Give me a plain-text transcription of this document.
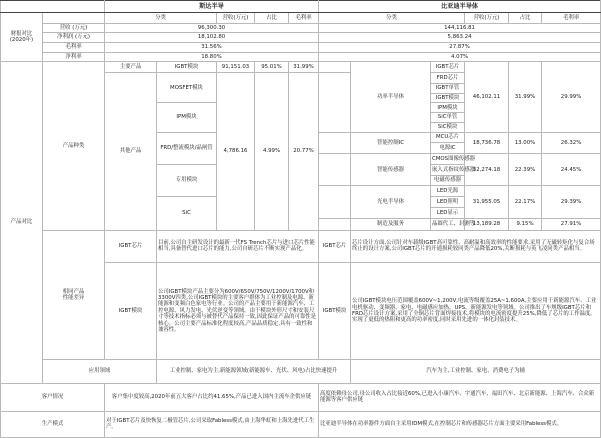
		斯达半导					比亚迪半导体					
财报对比
(2020年)		分类		营收(万元)	占比	毛利率	分类			营收(万元)	占比	毛利率
	营收 (万元)	96,300.30					144,116.81					
	净利润 (万元)	18,102.80					5,863.24					
	毛利率	31.56%					27.87%					
	净利率	18.80%					4.07%					
产品对比	产品种类	主要产品	IGBT模块	91,151.03	95.01%	31.99%		功率半导体	IGBT芯片	46,102.11	31.99%	29.99%
		其他产品	MOSFET模块	4,786.16	4.99%	20.77%			FRD芯片			
									IGBT单管			
									IGBT模块			
			IPM模块						IPM模块			
									SiC单管			
									SiC模块			
			FRD/整流模块/晶闸管					智能控制IC	MCU芯片	18,736.78	13.00%	26.32%
									电源IC			
								智能传感器	CMOS图像传感器	32,274.18	22.39%	24.45%
			专用模块						嵌入式指纹传感器			
									电磁传感器			
								光电半导体	LED光源	31,955.05	22.17%	29.39%
			SiC						LED照明			
									LED显示			
								制造及服务	晶圆代工、封测等	13,189.28	9.15%	27.91%
	相同产品
性能差异	IGBT芯片	目前,公司自主研发设计的最新一代FS Trench芯片与进口芯片性能相当,具备替代进口芯片的能力,公司自研芯片不断实现产品化。				IGBT芯片	芯片设计方面,公司针对车载级IGBT高可靠性、高耐温和高效率的性能要求,采用了无磁转矩化与复合场终止的设计方案,公司IGBT芯片的开通损耗较同类产品降低20%,关断损耗与英飞凌同类产品相当。				
		IGBT模块	公司IGBT模块产品主要分为600V/650V/750V/1200V/1700V和3300V四类,公司IGBT模块的主要客户群体为工业控制及电源、新能源和变频白色家电等行业。公司的产品主要用于新能源汽车、工控电源、风力发电、光伏逆变等领域。由于模块外形尺寸和安装尺寸等技术指标必须与被替代产品保持一致,因此保证产品的可靠性是核心。公司主要产品标准化程度较高,产品品质稳定,具有一致性和兼容性。				IGBT模块	公司IGBT模块电压范围覆盖600V~1,200V,电流等级覆盖25A~1,600A,主要应用于新能源汽车、工业电机驱动、变频器、家电、电磁感应加热、UPS、新能源发电等领域。公司推出了车规级IGBT芯片和FRD芯片设计方案,采用了全铜芯片背面焊接技术,将模块的电流密度提升25%,降低了芯片的工作温度。实现了更低的热阻和更高的功率密度,同时采用先进的一体化封装技术。				
	应用领域		工业控制、家电为主,新能源领域(新能源车、光伏、风电)占比快速提升					汽车为主,工业控制、家电、消费电子为辅				
客户情况		客户集中度较高,2020年前五大客户占比约41.65%,产品已进入国内主流车企供应链					高度依赖母公司,母公司收入占比接近60%,已进入小康汽车、宇通汽车、福田汽车、北京新能源、上海汽车、合众新能源等客户供应链					
生产模式		对于IGBT芯片及快恢复二极管芯片,公司采取Fabless模式,由上海华虹和上海先进代工生产。					比亚迪半导体在功率器件方面自主采用IDM模式,在控制芯片和传感器芯片方面主要采用Fabless模式。					
